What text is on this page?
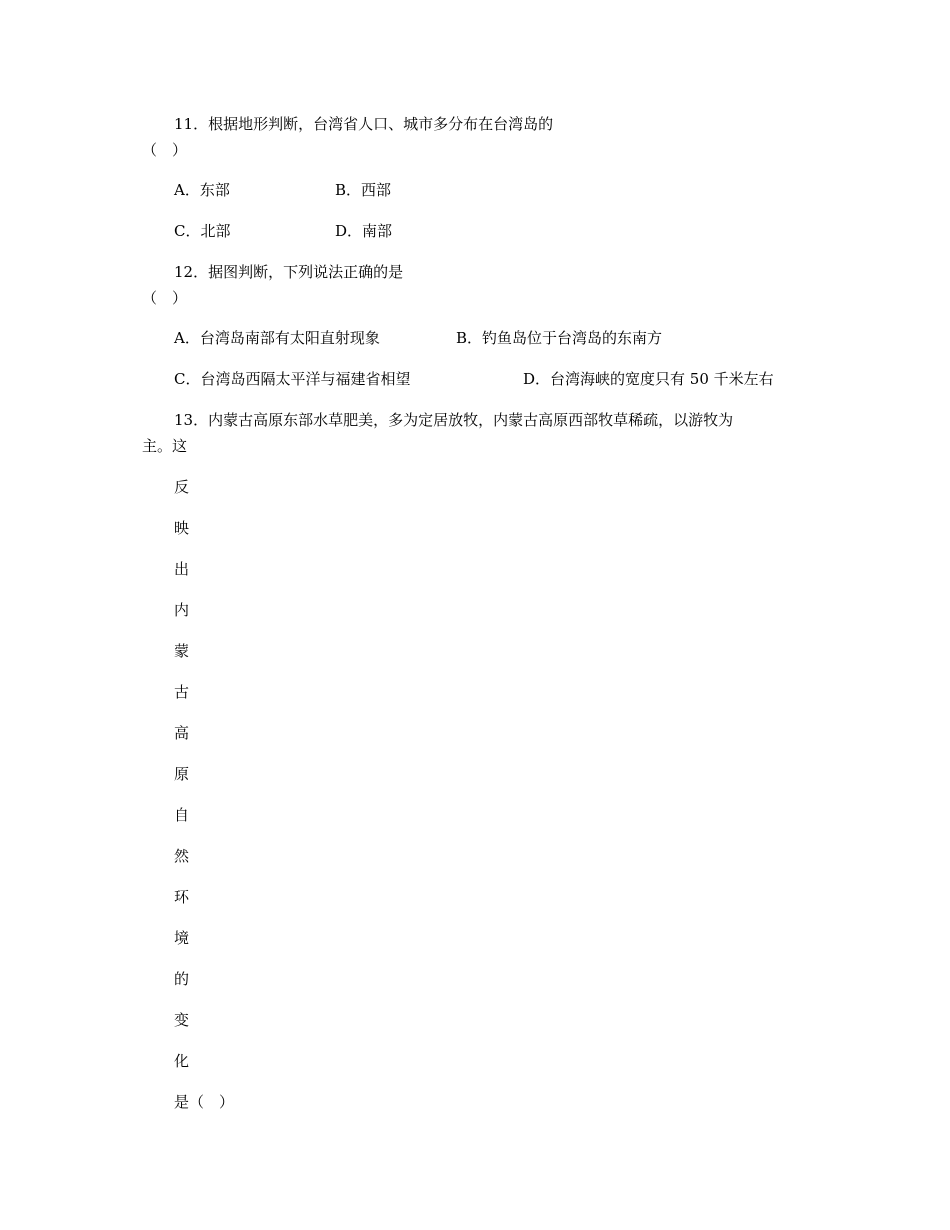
11．根据地形判断，台湾省人口、城市多分布在台湾岛的
（　）
A．东部	B．西部
C．北部	D．南部
12．据图判断，下列说法正确的是
（　）
A．台湾岛南部有太阳直射现象	B．钓鱼岛位于台湾岛的东南方
C．台湾岛西隔太平洋与福建省相望	D．台湾海峡的宽度只有 50 千米左右
13．内蒙古高原东部水草肥美，多为定居放牧，内蒙古高原西部牧草稀疏，以游牧为
主。这
反
映
出
内
蒙
古
高
原
自
然
环
境
的
变
化
是（　）
